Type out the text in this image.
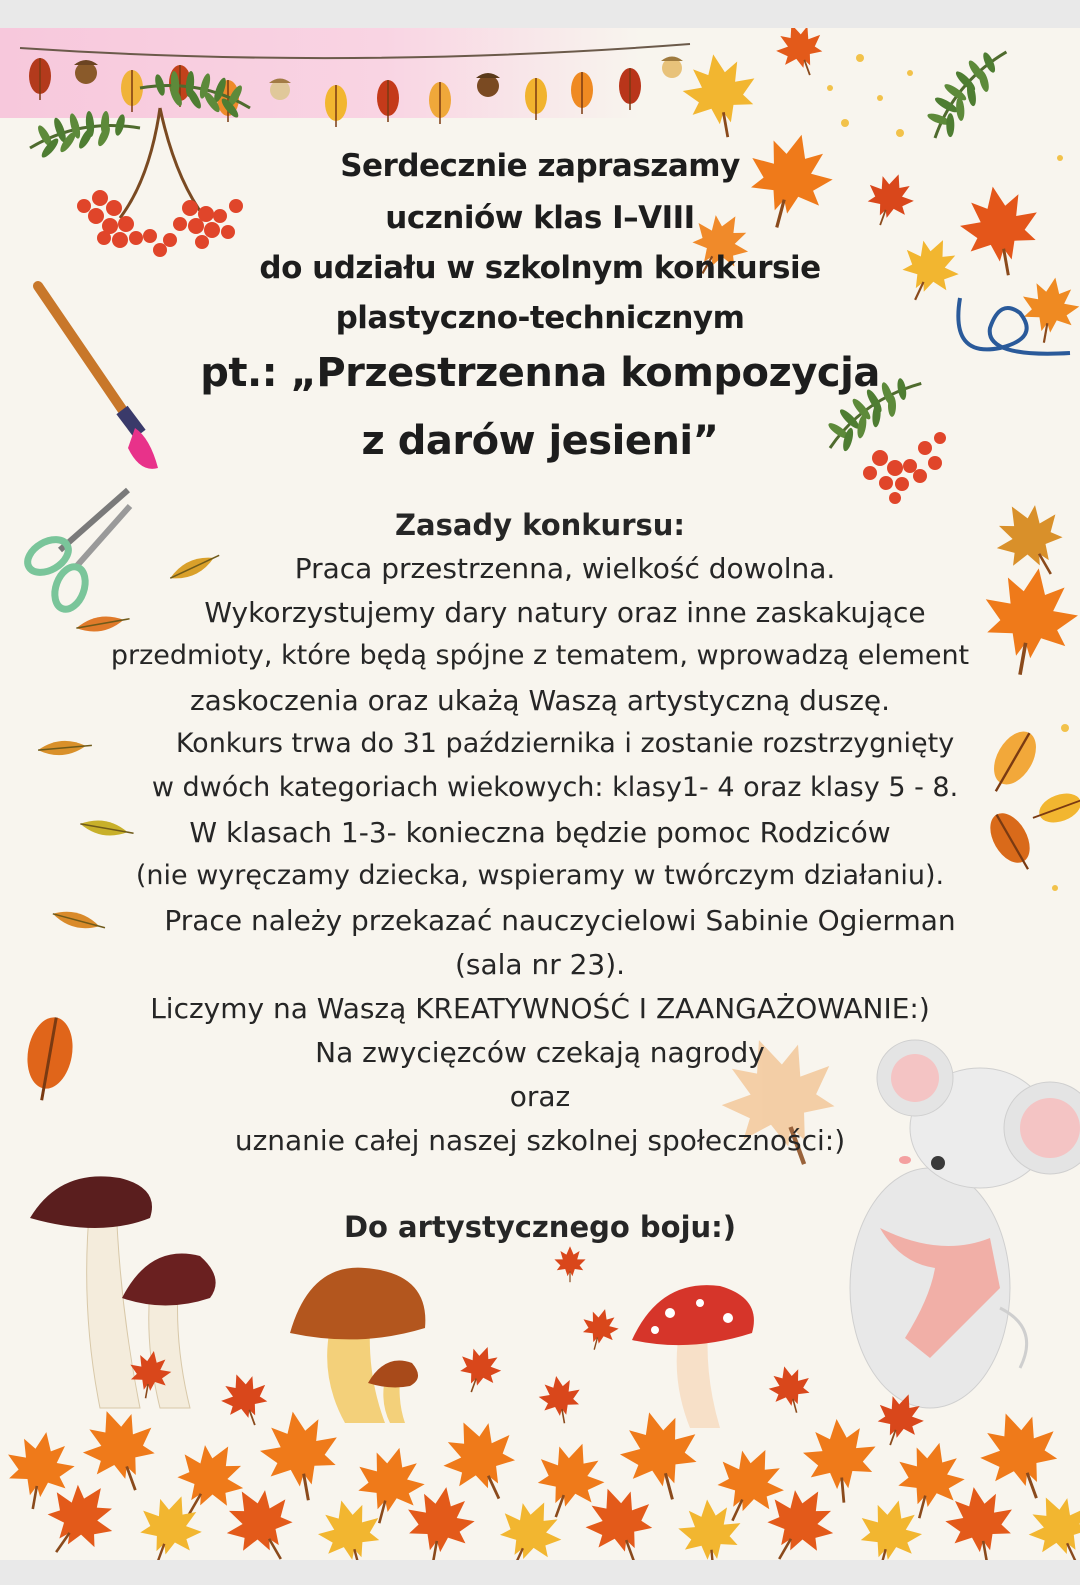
Serdecznie zapraszamy

uczniów klas I–VIII

do udziału w szkolnym konkursie

plastyczno-technicznym

pt.: „Przestrzenna kompozycja

z darów jesieni”

Zasady konkursu:

Praca przestrzenna, wielkość dowolna.

Wykorzystujemy dary natury oraz inne zaskakujące

przedmioty, które będą spójne z tematem, wprowadzą element

zaskoczenia oraz ukażą Waszą artystyczną duszę.

Konkurs trwa do 31 października i zostanie rozstrzygnięty

w dwóch kategoriach wiekowych: klasy1- 4 oraz klasy 5 - 8.

W klasach 1-3- konieczna będzie pomoc Rodziców

(nie wyręczamy dziecka, wspieramy w twórczym działaniu).

Prace należy przekazać nauczycielowi Sabinie Ogierman

(sala nr 23).

Liczymy na Waszą KREATYWNOŚĆ I ZAANGAŻOWANIE:)

Na zwycięzców czekają nagrody

oraz

uznanie całej naszej szkolnej społeczności:)

Do artystycznego boju:)
